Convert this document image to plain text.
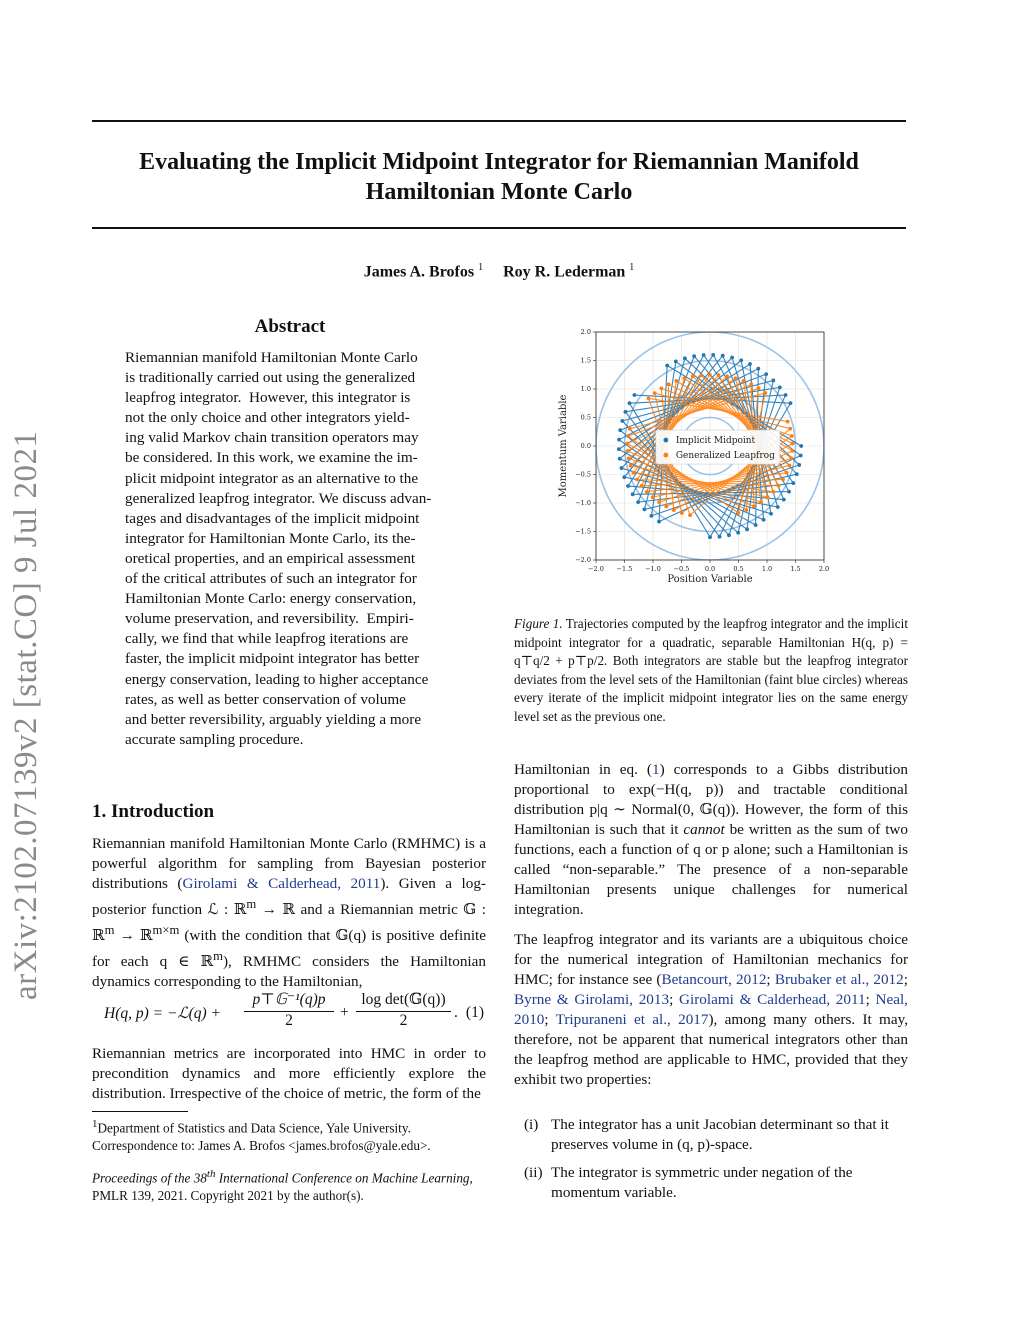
Evaluating the Implicit Midpoint Integrator for Riemannian Manifold
Hamiltonian Monte Carlo
James A. Brofos $^1$ Roy R. Lederman $^1$
arXiv:2102.07139v2 [stat.CO] 9 Jul 2021
Abstract
Riemannian manifold Hamiltonian Monte Carlo
is traditionally carried out using the generalized
leapfrog integrator.  However, this integrator is
not the only choice and other integrators yield-
ing valid Markov chain transition operators may
be considered. In this work, we examine the im-
plicit midpoint integrator as an alternative to the
generalized leapfrog integrator. We discuss advan-
tages and disadvantages of the implicit midpoint
integrator for Hamiltonian Monte Carlo, its the-
oretical properties, and an empirical assessment
of the critical attributes of such an integrator for
Hamiltonian Monte Carlo: energy conservation,
volume preservation, and reversibility.  Empiri-
cally, we find that while leapfrog iterations are
faster, the implicit midpoint integrator has better
energy conservation, leading to higher acceptance
rates, as well as better conservation of volume
and better reversibility, arguably yielding a more
accurate sampling procedure.
1. Introduction
Riemannian manifold Hamiltonian Monte Carlo (RMHMC) is a powerful algorithm for sampling from Bayesian posterior distributions (Girolami & Calderhead, 2011). Given a log-posterior function ℒ : ℝ$^m$ → ℝ and a Riemannian metric 𝔾 : ℝ$^m$ → ℝ$^{m\times m}$ (with the condition that 𝔾(q) is positive definite for each q ∈ ℝ$^m$), RMHMC considers the Hamiltonian dynamics corresponding to the Hamiltonian,
H(q, p) = −ℒ(q) +
p⊤𝔾⁻¹(q)p
2	+
log det(𝔾(q))
2	. (1)
Riemannian metrics are incorporated into HMC in order to precondition dynamics and more efficiently explore the distribution. Irrespective of the choice of metric, the form of the
$^1$Department of Statistics and Data Science, Yale University. Correspondence to: James A. Brofos <james.brofos@yale.edu>.
Proceedings of the 38th International Conference on Machine Learning, PMLR 139, 2021. Copyright 2021 by the author(s).
−2.0
−2.0
−1.5
−1.5
−1.0
−1.0
−0.5
−0.5
0.0
0.0
0.5
0.5
1.0
1.0
1.5
1.5
2.0
2.0
Position Variable
Momentum Variable	Implicit Midpoint
Generalized Leapfrog
Figure 1. Trajectories computed by the leapfrog integrator and the implicit midpoint integrator for a quadratic, separable Hamiltonian H(q, p) = q⊤q/2 + p⊤p/2. Both integrators are stable but the leapfrog integrator deviates from the level sets of the Hamiltonian (faint blue circles) whereas every iterate of the implicit midpoint integrator lies on the same energy level set as the previous one.
Hamiltonian in eq. (1) corresponds to a Gibbs distribution proportional to exp(−H(q, p)) and tractable conditional distribution p|q ∼ Normal(0, 𝔾(q)). However, the form of this Hamiltonian is such that it cannot be written as the sum of two functions, each a function of q or p alone; such a Hamiltonian is called “non-separable.” The presence of a non-separable Hamiltonian presents unique challenges for numerical integration.
The leapfrog integrator and its variants are a ubiquitous choice for the numerical integration of Hamiltonian mechanics for HMC; for instance see (Betancourt, 2012; Brubaker et al., 2012; Byrne & Girolami, 2013; Girolami & Calderhead, 2011; Neal, 2010; Tripuraneni et al., 2017), among many others. It may, therefore, not be apparent that numerical integrators other than the leapfrog method are applicable to HMC, provided that they exhibit two properties:
(i) The integrator has a unit Jacobian determinant so that it preserves volume in (q, p)-space.
(ii) The integrator is symmetric under negation of the momentum variable.
